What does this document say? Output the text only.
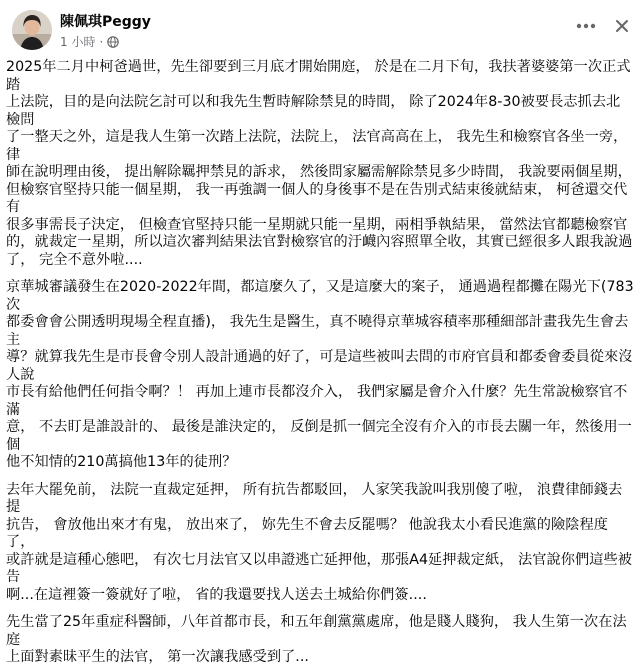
陳佩琪Peggy
1 小時 ·

2025年二月中柯爸過世，先生卻要到三月底才開始開庭， 於是在二月下旬，我扶著婆婆第一次正式踏
上法院，目的是向法院乞討可以和我先生暫時解除禁見的時間， 除了2024年8-30被要長志抓去北檢問
了一整天之外，這是我人生第一次踏上法院，法院上， 法官高高在上， 我先生和檢察官各坐一旁， 律
師在說明理由後， 提出解除羈押禁見的訴求， 然後問家屬需解除禁見多少時間， 我說要兩個星期，
但檢察官堅持只能一個星期， 我一再強調一個人的身後事不是在告別式結束後就結束， 柯爸還交代有
很多事需長子決定， 但檢查官堅持只能一星期就只能一星期，兩相爭執結果， 當然法官都聽檢察官
的，就裁定一星期，所以這次審判結果法官對檢察官的汙衊內容照單全收，其實已經很多人跟我說過
了， 完全不意外啦....

京華城審議發生在2020-2022年間，都這麼久了，又是這麼大的案子， 通過過程都攤在陽光下(783次
都委會會公開透明現場全程直播)， 我先生是醫生，真不曉得京華城容積率那種細部計畫我先生會去主
導？就算我先生是市長會令別人設計通過的好了，可是這些被叫去問的市府官員和都委會委員從來沒人說
市長有給他們任何指令啊？！ 再加上連市長都沒介入， 我們家屬是會介入什麼？先生常說檢察官不滿
意， 不去盯是誰設計的、 最後是誰決定的， 反倒是抓一個完全沒有介入的市長去關一年，然後用一個
他不知情的210萬搞他13年的徒刑？

去年大罷免前， 法院一直裁定延押， 所有抗告都駁回， 人家笑我說叫我別傻了啦， 浪費律師錢去提
抗告， 會放他出來才有鬼， 放出來了， 妳先生不會去反罷嗎？ 他說我太小看民進黨的險陰程度了，
或許就是這種心態吧， 有次七月法官又以串證逃亡延押他，那張A4延押裁定紙， 法官說你們這些被告
啊...在這裡簽一簽就好了啦， 省的我還要找人送去土城給你們簽....

先生當了25年重症科醫師，八年首都市長，和五年創黨黨處席，他是賤人賤狗， 我人生第一次在法庭
上面對素昧平生的法官， 第一次讓我感受到了...
